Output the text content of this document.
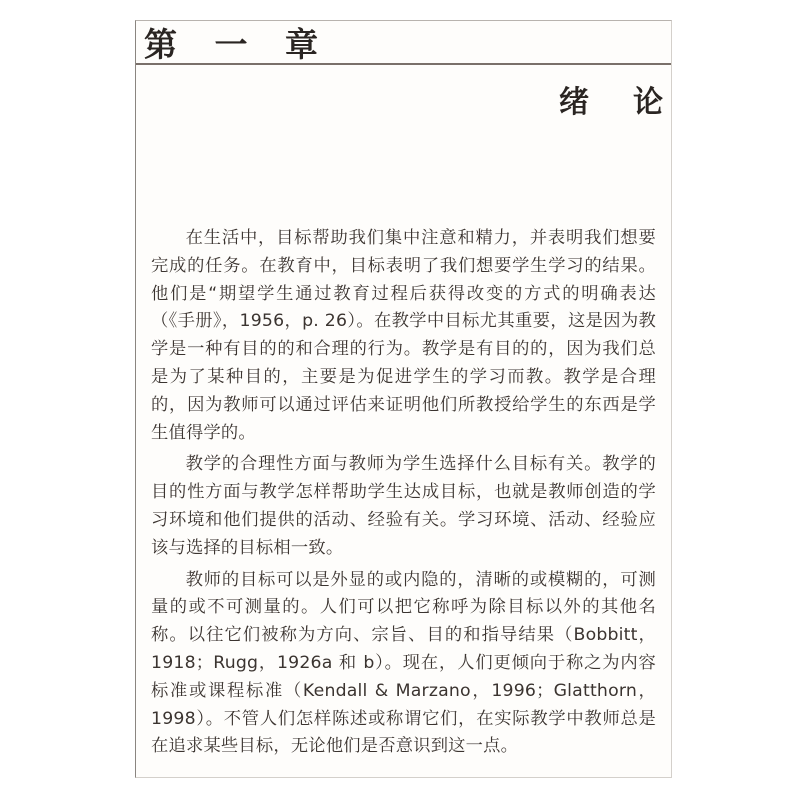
第 一 章
绪论

在生活中，目标帮助我们集中注意和精力，并表明我们想要完成的任务。在教育中，目标表明了我们想要学生学习的结果。他们是“期望学生通过教育过程后获得改变的方式的明确表达（《手册》，1956，p. 26）。在教学中目标尤其重要，这是因为教学是一种有目的的和合理的行为。教学是有目的的，因为我们总是为了某种目的，主要是为促进学生的学习而教。教学是合理的，因为教师可以通过评估来证明他们所教授给学生的东西是学生值得学的。

教学的合理性方面与教师为学生选择什么目标有关。教学的目的性方面与教学怎样帮助学生达成目标，也就是教师创造的学习环境和他们提供的活动、经验有关。学习环境、活动、经验应该与选择的目标相一致。

教师的目标可以是外显的或内隐的，清晰的或模糊的，可测量的或不可测量的。人们可以把它称呼为除目标以外的其他名称。以往它们被称为方向、宗旨、目的和指导结果（Bobbitt，1918；Rugg，1926a 和 b）。现在，人们更倾向于称之为内容标准或课程标准（Kendall & Marzano，1996；Glatthorn，1998）。不管人们怎样陈述或称谓它们，在实际教学中教师总是在追求某些目标，无论他们是否意识到这一点。
